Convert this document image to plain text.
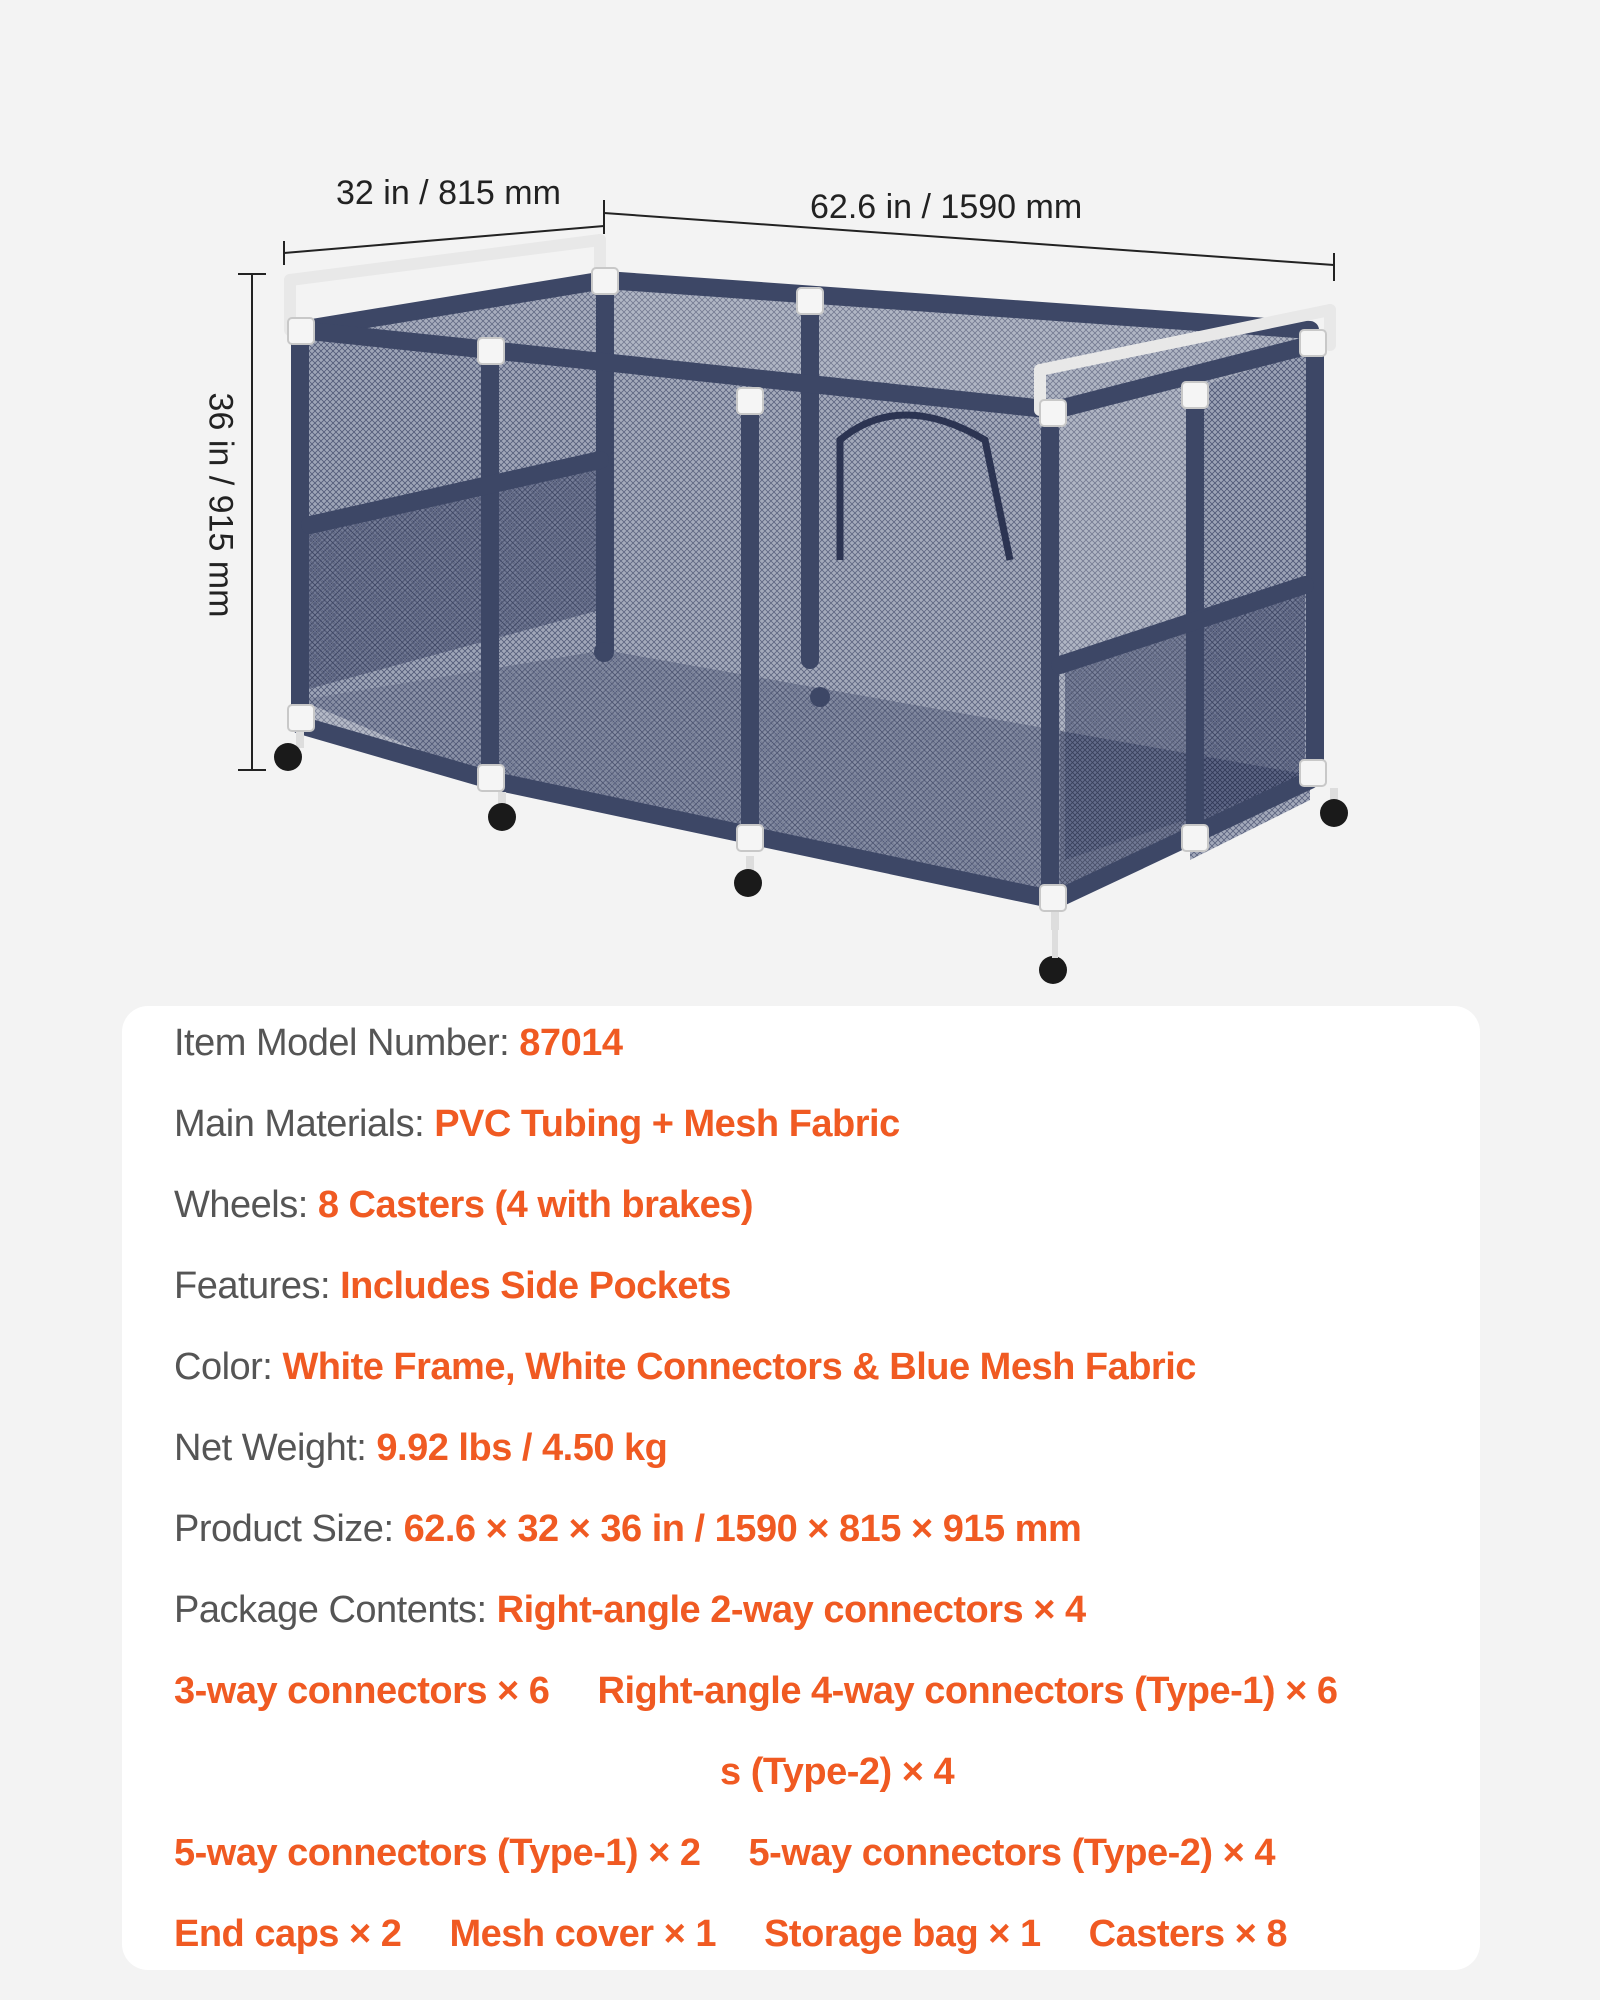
32 in / 815 mm	62.6 in / 1590 mm
36 in / 915 mm
Item Model Number: 87014
Main Materials: PVC Tubing + Mesh Fabric
Wheels: 8 Casters (4 with brakes)
Features: Includes Side Pockets
Color: White Frame, White Connectors & Blue Mesh Fabric
Net Weight: 9.92 lbs / 4.50 kg
Product Size: 62.6 × 32 × 36 in / 1590 × 815 × 915 mm
Package Contents: Right-angle 2-way connectors × 4
3-way connectors × 6 Right-angle 4-way connectors (Type-1) × 6
s (Type-2) × 4
5-way connectors (Type-1) × 2 5-way connectors (Type-2) × 4
End caps × 2 Mesh cover × 1 Storage bag × 1 Casters × 8
